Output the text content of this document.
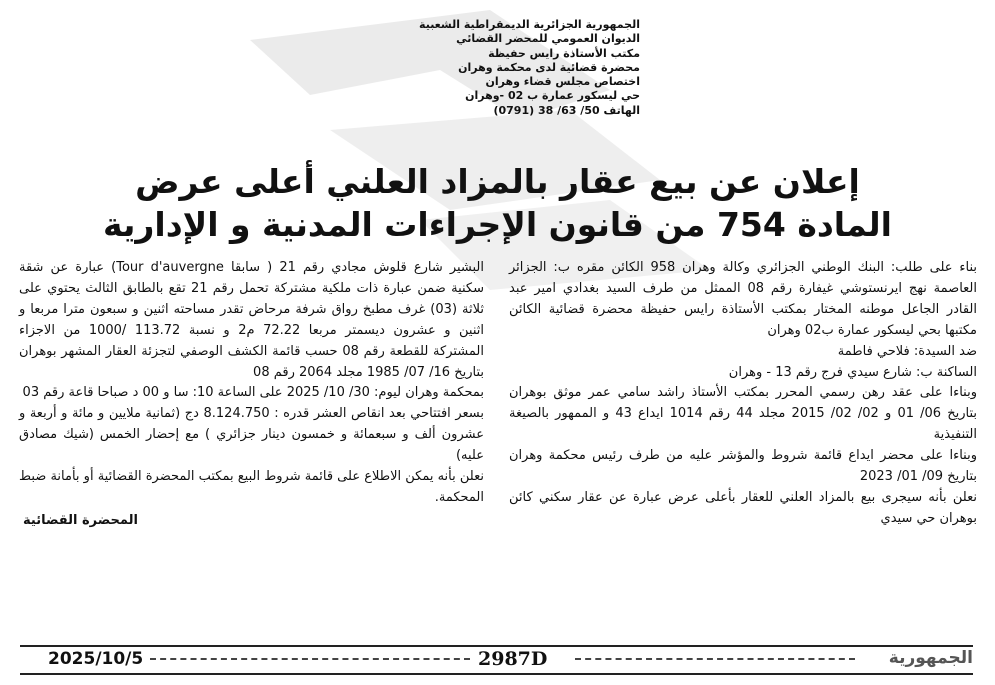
الجمهورية الجزائرية الديمقراطية الشعبية
الديوان العمومي للمحضر القضائي
مكتب الأستاذة رايس حفيظة
محضرة قضائية لدى محكمة وهران
اختصاص مجلس قضاء وهران
حي ليسكور عمارة ب 02 -وهران
الهاتف 50/ 63/ 38 (0791)
إعلان عن بيع عقار بالمزاد العلني أعلى عرض
المادة 754 من قانون الإجراءات المدنية و الإدارية

بناء على طلب: البنك الوطني الجزائري وكالة وهران 958 الكائن مقره ب: الجزائر العاصمة نهج ايرنستوشي غيفارة رقم 08 الممثل من طرف السيد بغدادي امير عبد القادر الجاعل موطنه المختار بمكتب الأستاذة رايس حفيظة محضرة قضائية الكائن مكتبها بحي ليسكور عمارة ب02 وهران

ضد السيدة: فلاحي فاطمة

الساكنة ب: شارع سيدي فرج رقم 13 - وهران

وبناءا على عقد رهن رسمي المحرر بمكتب الأستاذ راشد سامي عمر موثق بوهران بتاريخ 06/ 01 و 02/ 02/ 2015 مجلد 44 رقم 1014 ايداع 43 و الممهور بالصيغة التنفيذية

وبناءا على محضر ايداع قائمة شروط والمؤشر عليه من طرف رئيس محكمة وهران بتاريخ 09/ 01/ 2023

نعلن بأنه سيجرى بيع بالمزاد العلني للعقار بأعلى عرض عبارة عن عقار سكني كائن بوهران حي سيدي

البشير شارع قلوش مجادي رقم 21 ( سابقا Tour d'auvergne) عبارة عن شقة سكنية ضمن عبارة ذات ملكية مشتركة تحمل رقم 21 تقع بالطابق الثالث يحتوي على ثلاثة (03) غرف مطبخ رواق شرفة مرحاض تقدر مساحته اثنين و سبعون مترا مربعا و اثنين و عشرون ديسمتر مربعا 72.22 م2 و نسبة 113.72 /1000 من الاجزاء المشتركة للقطعة رقم 08 حسب قائمة الكشف الوصفي لتجزئة العقار المشهر بوهران بتاريخ 16/ 07/ 1985 مجلد 2064 رقم 08

بمحكمة وهران ليوم: 30/ 10/ 2025 على الساعة 10: سا و 00 د صباحا قاعة رقم 03

بسعر افتتاحي بعد انقاص العشر قدره : 8.124.750 دج (ثمانية ملايين و مائة و أربعة و عشرون ألف و سبعمائة و خمسون دينار جزائري ) مع إحضار الخمس (شيك مصادق عليه)

نعلن بأنه يمكن الاطلاع على قائمة شروط البيع بمكتب المحضرة القضائية أو بأمانة ضبط المحكمة.

المحضرة القضائية

2025/10/5	2987D	الجمهورية
